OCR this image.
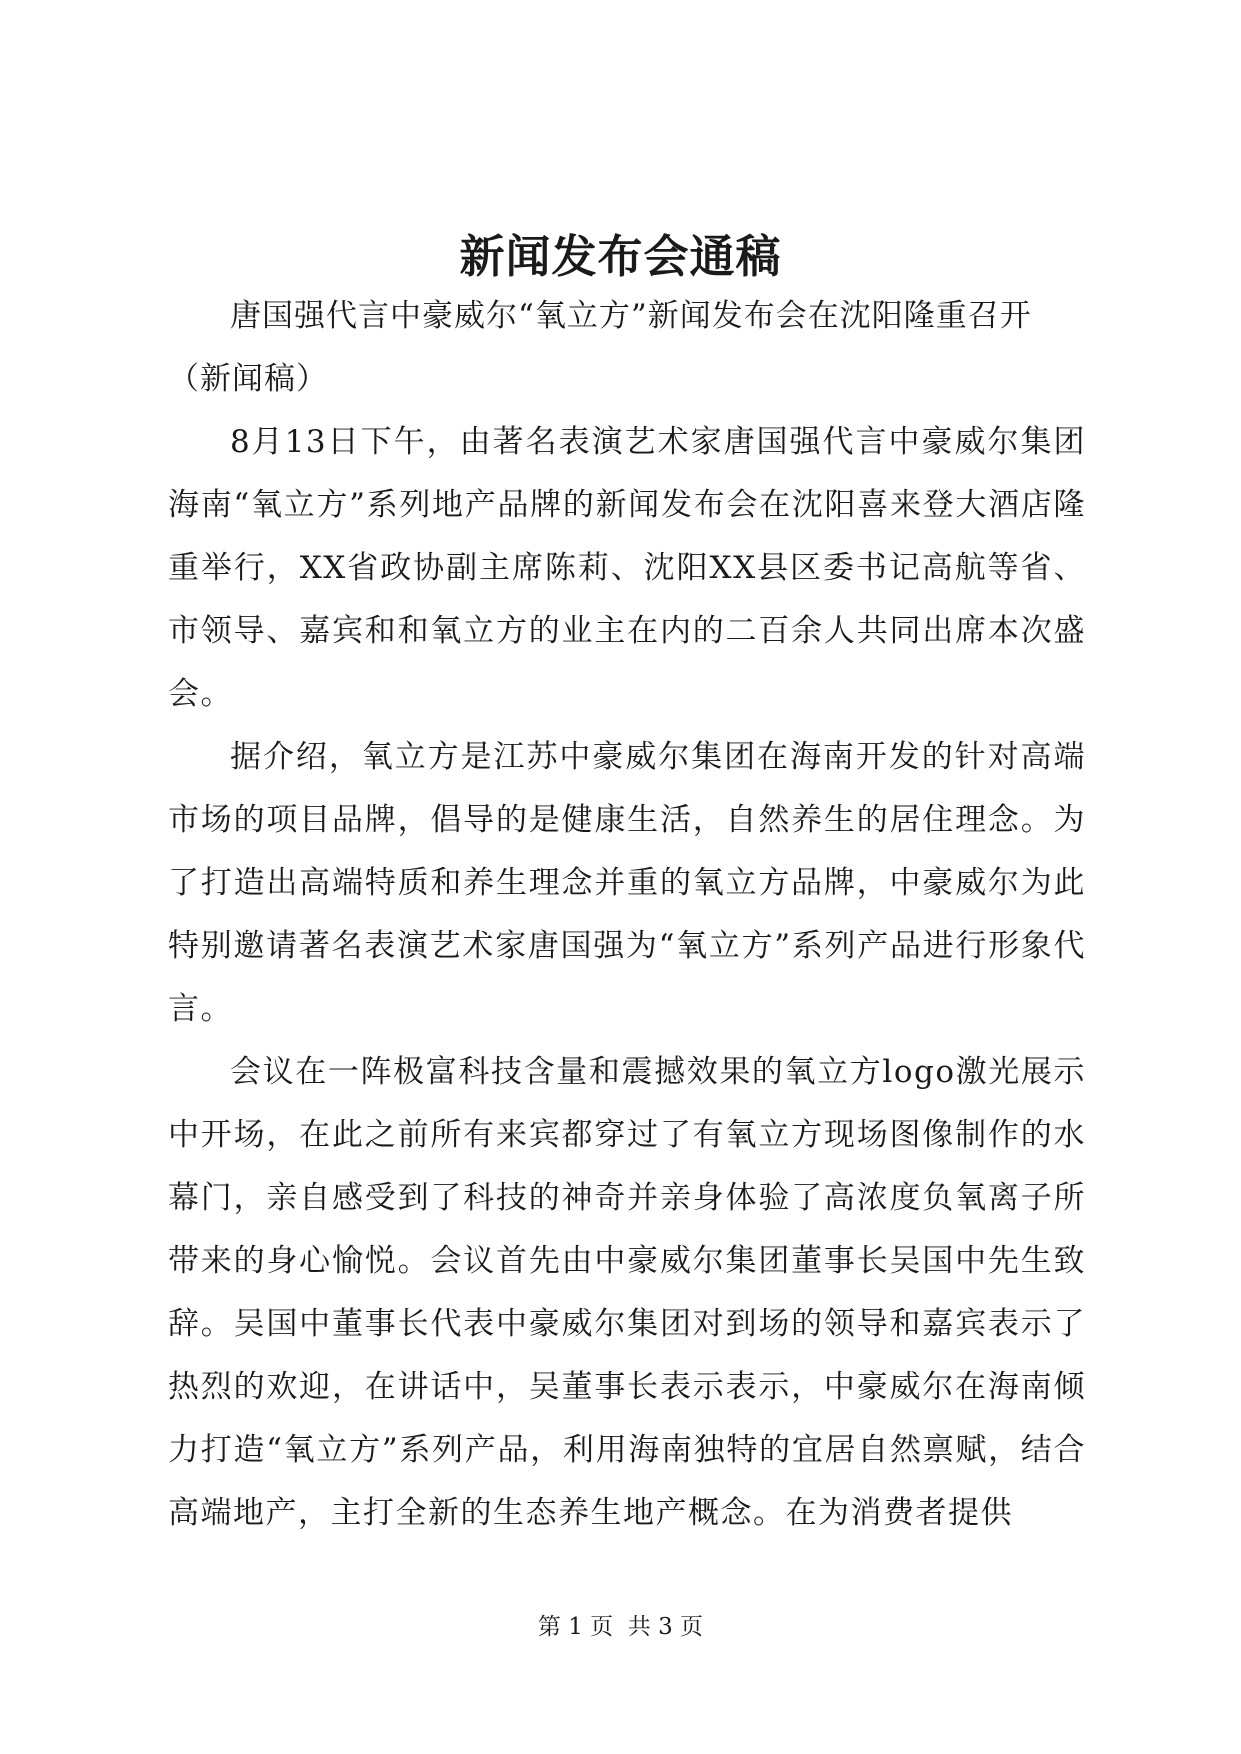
新闻发布会通稿

唐国强代言中豪威尔“氧立方”新闻发布会在沈阳隆重召开（新闻稿）

8月13日下午，由著名表演艺术家唐国强代言中豪威尔集团海南“氧立方”系列地产品牌的新闻发布会在沈阳喜来登大酒店隆重举行，XX省政协副主席陈莉、沈阳XX县区委书记高航等省、市领导、嘉宾和和氧立方的业主在内的二百余人共同出席本次盛会。

据介绍，氧立方是江苏中豪威尔集团在海南开发的针对高端市场的项目品牌，倡导的是健康生活，自然养生的居住理念。为了打造出高端特质和养生理念并重的氧立方品牌，中豪威尔为此特别邀请著名表演艺术家唐国强为“氧立方”系列产品进行形象代言。

会议在一阵极富科技含量和震撼效果的氧立方logo激光展示中开场，在此之前所有来宾都穿过了有氧立方现场图像制作的水幕门，亲自感受到了科技的神奇并亲身体验了高浓度负氧离子所带来的身心愉悦。会议首先由中豪威尔集团董事长吴国中先生致辞。吴国中董事长代表中豪威尔集团对到场的领导和嘉宾表示了热烈的欢迎，在讲话中，吴董事长表示表示，中豪威尔在海南倾力打造“氧立方”系列产品，利用海南独特的宜居自然禀赋，结合高端地产，主打全新的生态养生地产概念。在为消费者提供

第 1 页  共 3 页
